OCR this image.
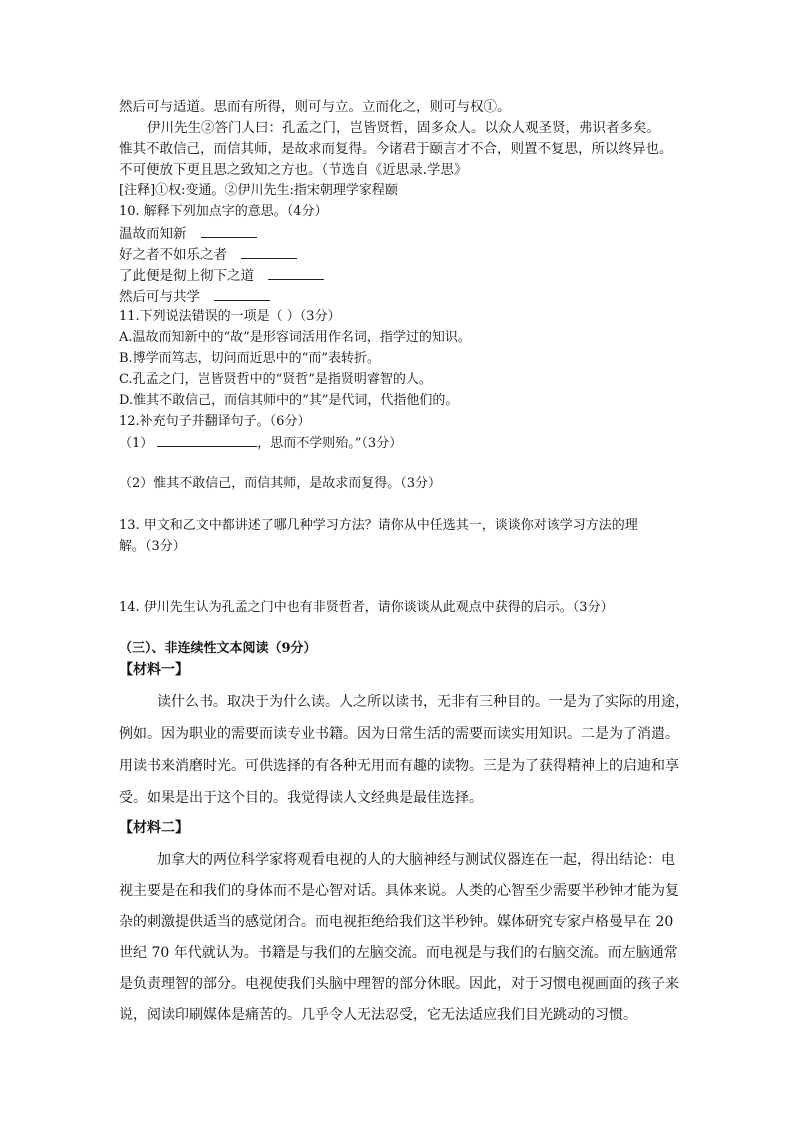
然后可与适道。思而有所得，则可与立。立而化之，则可与权①。
伊川先生②答门人曰：孔孟之门，岂皆贤哲，固多众人。以众人观圣贤，弗识者多矣。
惟其不敢信己，而信其师，是故求而复得。今诸君于颐言才不合，则置不复思，所以终异也。
不可便放下更且思之致知之方也。（节选自《近思录.学思》
[注释]①权:变通。②伊川先生:指宋朝理学家程颐
10. 解释下列加点字的意思。（4分）
温故而知新
好之者不如乐之者
了此便是彻上彻下之道
然后可与共学
11.下列说法错误的一项是（ ）（3分）
A.温故而知新中的“故”是形容词活用作名词，指学过的知识。
B.博学而笃志，切问而近思中的“而”表转折。
C.孔孟之门，岂皆贤哲中的“贤哲”是指贤明睿智的人。
D.惟其不敢信己，而信其师中的“其”是代词，代指他们的。
12.补充句子并翻译句子。（6分）
（1）	，思而不学则殆。”（3分）
（2）惟其不敢信己，而信其师，是故求而复得。（3分）
13. 甲文和乙文中都讲述了哪几种学习方法？请你从中任选其一，谈谈你对该学习方法的理
解。（3分）
14. 伊川先生认为孔孟之门中也有非贤哲者，请你谈谈从此观点中获得的启示。（3分）
（三）、非连续性文本阅读（9分）
【材料一】
读什么书。取决于为什么读。人之所以读书，无非有三种目的。一是为了实际的用途，
例如。因为职业的需要而读专业书籍。因为日常生活的需要而读实用知识。二是为了消遣。
用读书来消磨时光。可供选择的有各种无用而有趣的读物。三是为了获得精神上的启迪和享
受。如果是出于这个目的。我觉得读人文经典是最佳选择。
【材料二】
加拿大的两位科学家将观看电视的人的大脑神经与测试仪器连在一起，得出结论：电
视主要是在和我们的身体而不是心智对话。具体来说。人类的心智至少需要半秒钟才能为复
杂的刺激提供适当的感觉闭合。而电视拒绝给我们这半秒钟。媒体研究专家卢格曼早在 20
世纪 70 年代就认为。书籍是与我们的左脑交流。而电视是与我们的右脑交流。而左脑通常
是负责理智的部分。电视使我们头脑中理智的部分休眠。因此，对于习惯电视画面的孩子来
说，阅读印刷媒体是痛苦的。几乎令人无法忍受，它无法适应我们目光跳动的习惯。
